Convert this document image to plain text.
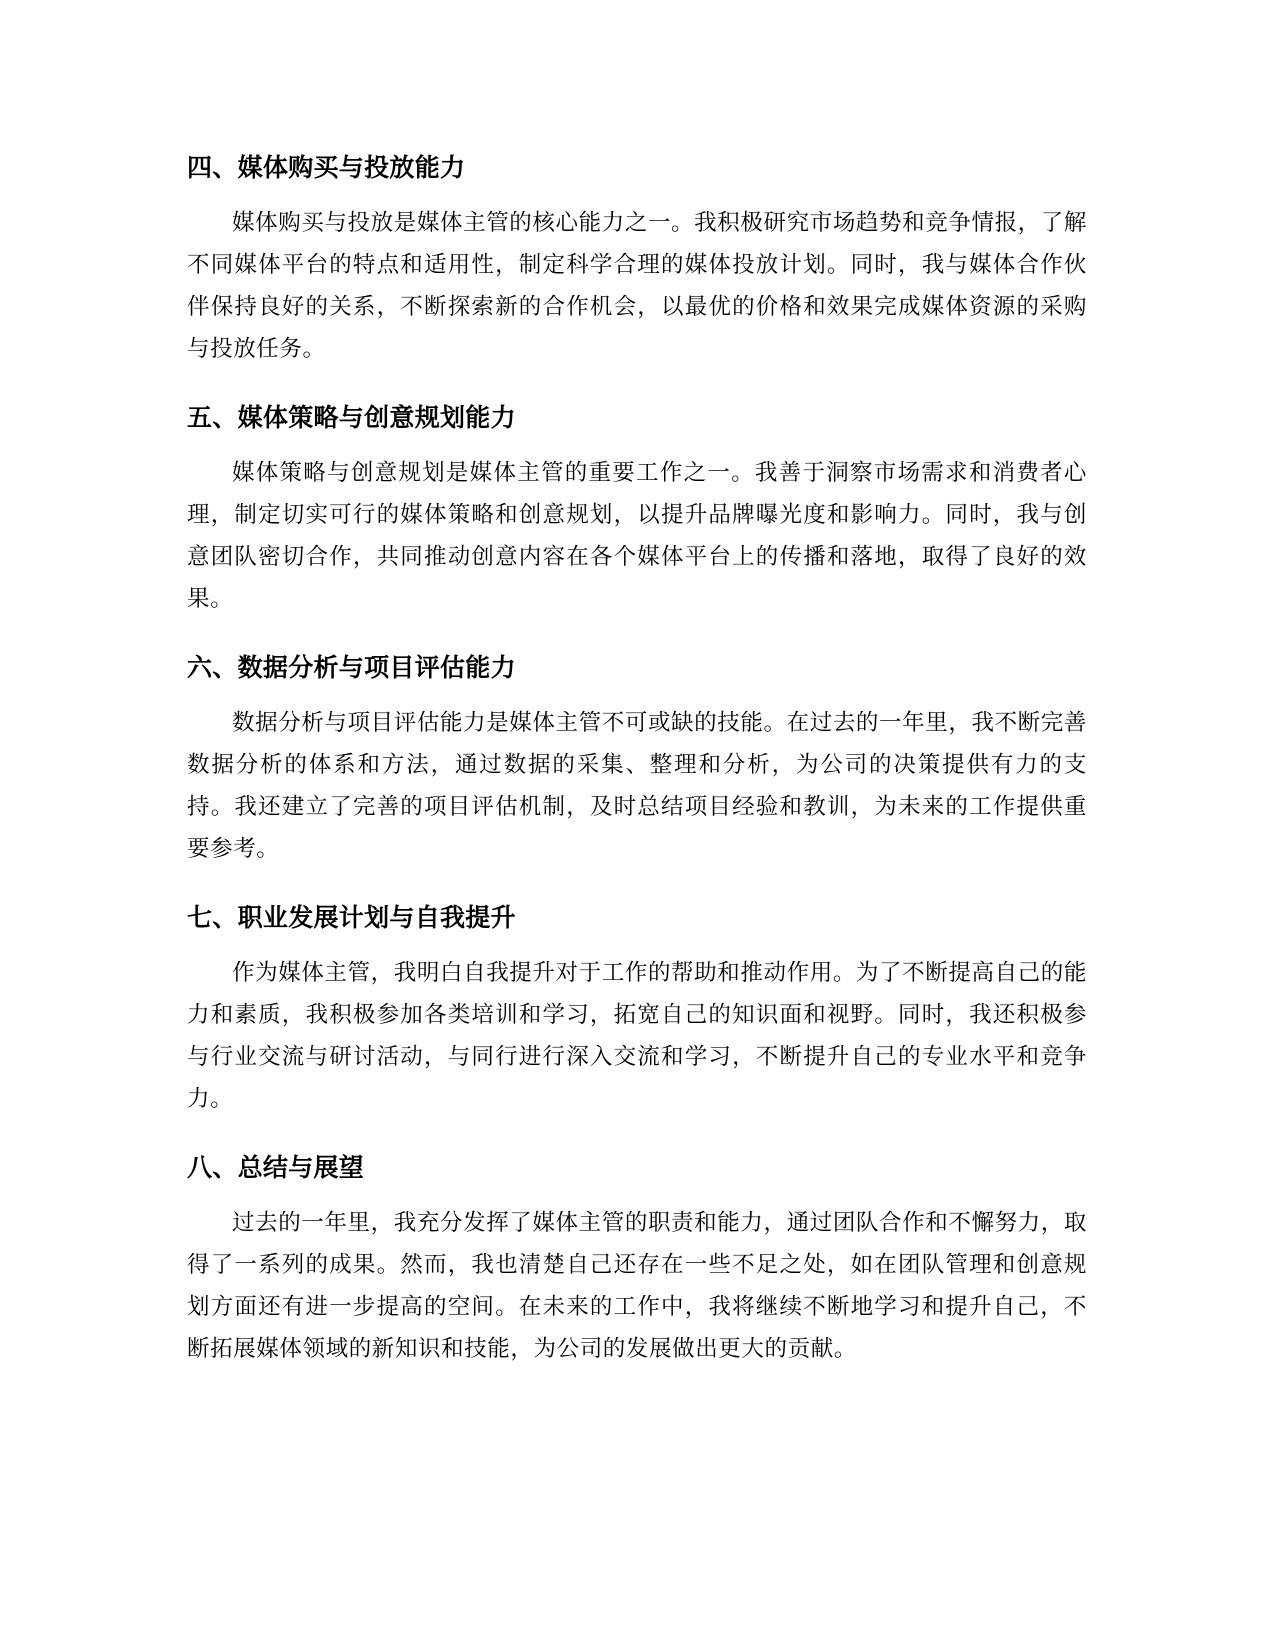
四、媒体购买与投放能力

媒体购买与投放是媒体主管的核心能力之一。我积极研究市场趋势和竞争情报，了解不同媒体平台的特点和适用性，制定科学合理的媒体投放计划。同时，我与媒体合作伙伴保持良好的关系，不断探索新的合作机会，以最优的价格和效果完成媒体资源的采购与投放任务。

五、媒体策略与创意规划能力

媒体策略与创意规划是媒体主管的重要工作之一。我善于洞察市场需求和消费者心理，制定切实可行的媒体策略和创意规划，以提升品牌曝光度和影响力。同时，我与创意团队密切合作，共同推动创意内容在各个媒体平台上的传播和落地，取得了良好的效果。

六、数据分析与项目评估能力

数据分析与项目评估能力是媒体主管不可或缺的技能。在过去的一年里，我不断完善数据分析的体系和方法，通过数据的采集、整理和分析，为公司的决策提供有力的支持。我还建立了完善的项目评估机制，及时总结项目经验和教训，为未来的工作提供重要参考。

七、职业发展计划与自我提升

作为媒体主管，我明白自我提升对于工作的帮助和推动作用。为了不断提高自己的能力和素质，我积极参加各类培训和学习，拓宽自己的知识面和视野。同时，我还积极参与行业交流与研讨活动，与同行进行深入交流和学习，不断提升自己的专业水平和竞争力。

八、总结与展望

过去的一年里，我充分发挥了媒体主管的职责和能力，通过团队合作和不懈努力，取得了一系列的成果。然而，我也清楚自己还存在一些不足之处，如在团队管理和创意规划方面还有进一步提高的空间。在未来的工作中，我将继续不断地学习和提升自己，不断拓展媒体领域的新知识和技能，为公司的发展做出更大的贡献。
